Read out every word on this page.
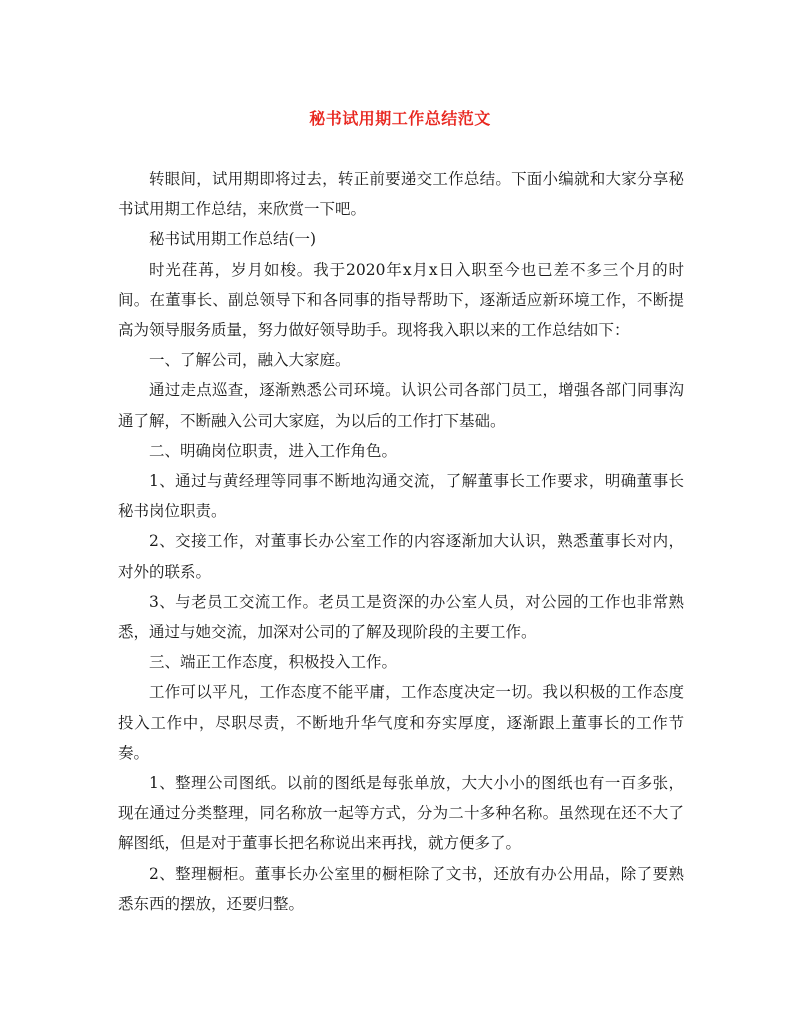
秘书试用期工作总结范文

转眼间，试用期即将过去，转正前要递交工作总结。下面小编就和大家分享秘书试用期工作总结，来欣赏一下吧。

秘书试用期工作总结(一)

时光荏苒，岁月如梭。我于2020年x月x日入职至今也已差不多三个月的时间。在董事长、副总领导下和各同事的指导帮助下，逐渐适应新环境工作，不断提高为领导服务质量，努力做好领导助手。现将我入职以来的工作总结如下：

一、了解公司，融入大家庭。

通过走点巡查，逐渐熟悉公司环境。认识公司各部门员工，增强各部门同事沟通了解，不断融入公司大家庭，为以后的工作打下基础。

二、明确岗位职责，进入工作角色。

1、通过与黄经理等同事不断地沟通交流，了解董事长工作要求，明确董事长秘书岗位职责。

2、交接工作，对董事长办公室工作的内容逐渐加大认识，熟悉董事长对内，对外的联系。

3、与老员工交流工作。老员工是资深的办公室人员，对公园的工作也非常熟悉，通过与她交流，加深对公司的了解及现阶段的主要工作。

三、端正工作态度，积极投入工作。

工作可以平凡，工作态度不能平庸，工作态度决定一切。我以积极的工作态度投入工作中，尽职尽责，不断地升华气度和夯实厚度，逐渐跟上董事长的工作节奏。

1、整理公司图纸。以前的图纸是每张单放，大大小小的图纸也有一百多张，现在通过分类整理，同名称放一起等方式，分为二十多种名称。虽然现在还不大了解图纸，但是对于董事长把名称说出来再找，就方便多了。

2、整理橱柜。董事长办公室里的橱柜除了文书，还放有办公用品，除了要熟悉东西的摆放，还要归整。
